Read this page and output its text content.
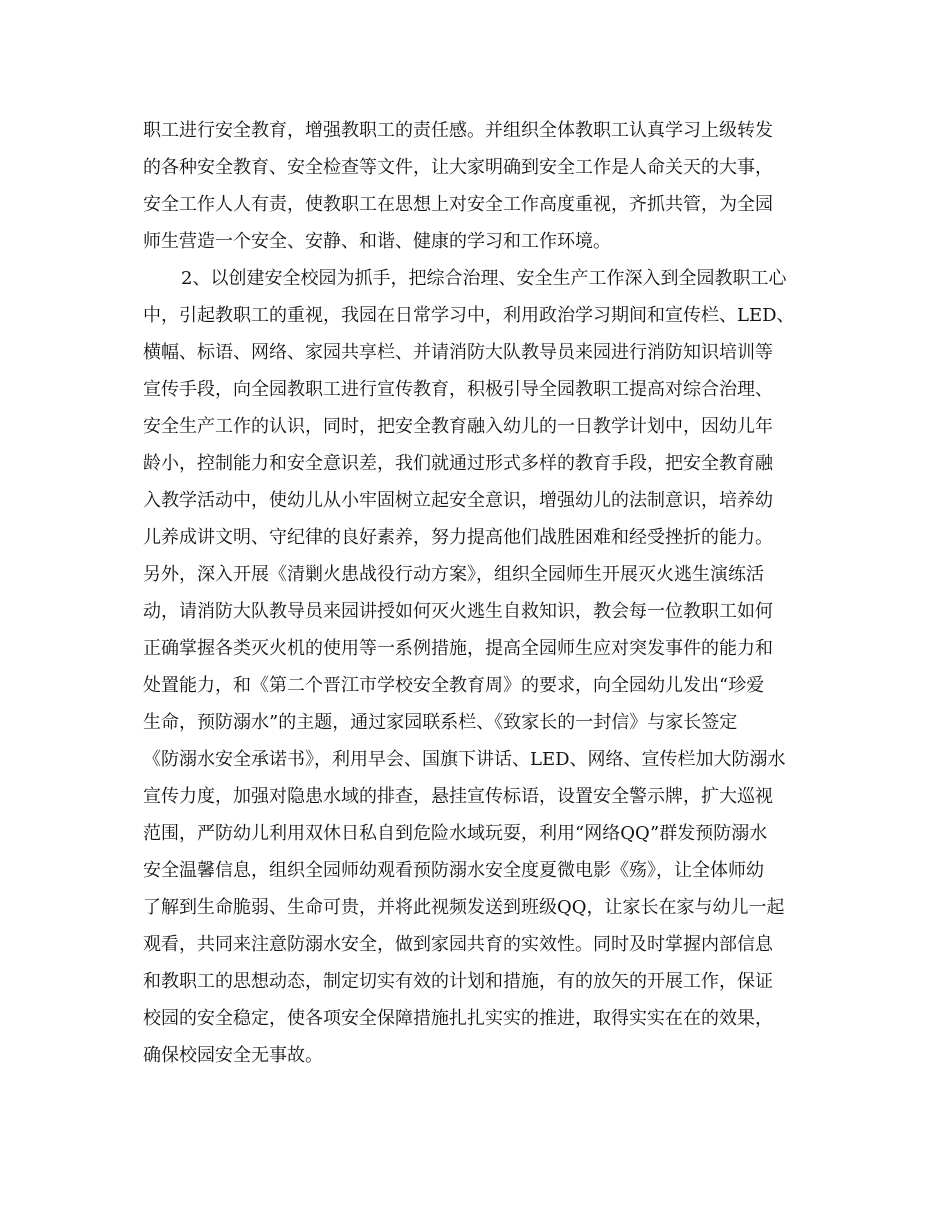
职工进行安全教育，增强教职工的责任感。并组织全体教职工认真学习上级转发
的各种安全教育、安全检查等文件，让大家明确到安全工作是人命关天的大事，
安全工作人人有责，使教职工在思想上对安全工作高度重视，齐抓共管，为全园
师生营造一个安全、安静、和谐、健康的学习和工作环境。
2、以创建安全校园为抓手，把综合治理、安全生产工作深入到全园教职工心
中，引起教职工的重视，我园在日常学习中，利用政治学习期间和宣传栏、LED、
横幅、标语、网络、家园共享栏、并请消防大队教导员来园进行消防知识培训等
宣传手段，向全园教职工进行宣传教育，积极引导全园教职工提高对综合治理、
安全生产工作的认识，同时，把安全教育融入幼儿的一日教学计划中，因幼儿年
龄小，控制能力和安全意识差，我们就通过形式多样的教育手段，把安全教育融
入教学活动中，使幼儿从小牢固树立起安全意识，增强幼儿的法制意识，培养幼
儿养成讲文明、守纪律的良好素养，努力提高他们战胜困难和经受挫折的能力。
另外，深入开展《清剿火患战役行动方案》，组织全园师生开展灭火逃生演练活
动，请消防大队教导员来园讲授如何灭火逃生自救知识，教会每一位教职工如何
正确掌握各类灭火机的使用等一系例措施，提高全园师生应对突发事件的能力和
处置能力，和《第二个晋江市学校安全教育周》的要求，向全园幼儿发出“珍爱
生命，预防溺水”的主题，通过家园联系栏、《致家长的一封信》与家长签定
《防溺水安全承诺书》，利用早会、国旗下讲话、LED、网络、宣传栏加大防溺水
宣传力度，加强对隐患水域的排查，悬挂宣传标语，设置安全警示牌，扩大巡视
范围，严防幼儿利用双休日私自到危险水域玩耍，利用“网络QQ”群发预防溺水
安全温馨信息，组织全园师幼观看预防溺水安全度夏微电影《殇》，让全体师幼
了解到生命脆弱、生命可贵，并将此视频发送到班级QQ，让家长在家与幼儿一起
观看，共同来注意防溺水安全，做到家园共育的实效性。同时及时掌握内部信息
和教职工的思想动态，制定切实有效的计划和措施，有的放矢的开展工作，保证
校园的安全稳定，使各项安全保障措施扎扎实实的推进，取得实实在在的效果，
确保校园安全无事故。
